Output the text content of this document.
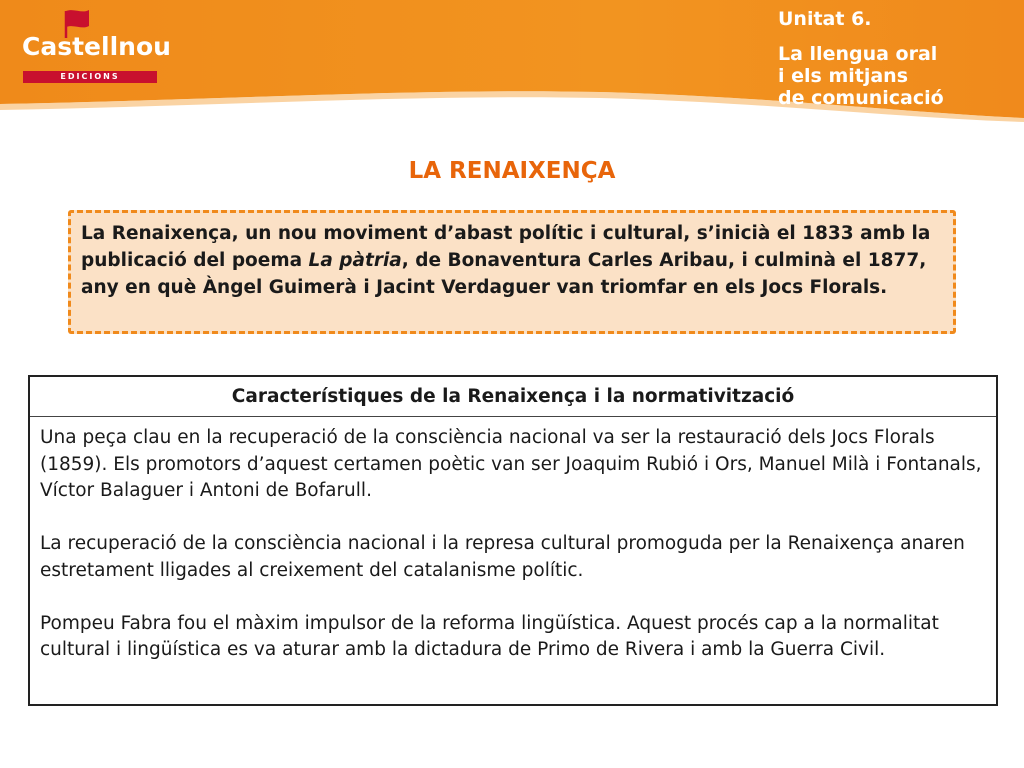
Castellnou
EDICIONS
Unitat 6.
La llengua oral
i els mitjans
de comunicació
LA RENAIXENÇA
La Renaixença, un nou moviment d’abast polític i cultural, s’inicià el 1833 amb la publicació del poema La pàtria, de Bonaventura Carles Aribau, i culminà el 1877, any en què Àngel Guimerà i Jacint Verdaguer van triomfar en els Jocs Florals.
Característiques de la Renaixença i la normativització

Una peça clau en la recuperació de la consciència nacional va ser la restauració dels Jocs Florals (1859). Els promotors d’aquest certamen poètic van ser Joaquim Rubió i Ors, Manuel Milà i Fontanals, Víctor Balaguer i Antoni de Bofarull.

La recuperació de la consciència nacional i la represa cultural promoguda per la Renaixença anaren estretament lligades al creixement del catalanisme polític.

Pompeu Fabra fou el màxim impulsor de la reforma lingüística. Aquest procés cap a la normalitat cultural i lingüística es va aturar amb la dictadura de Primo de Rivera i amb la Guerra Civil.
